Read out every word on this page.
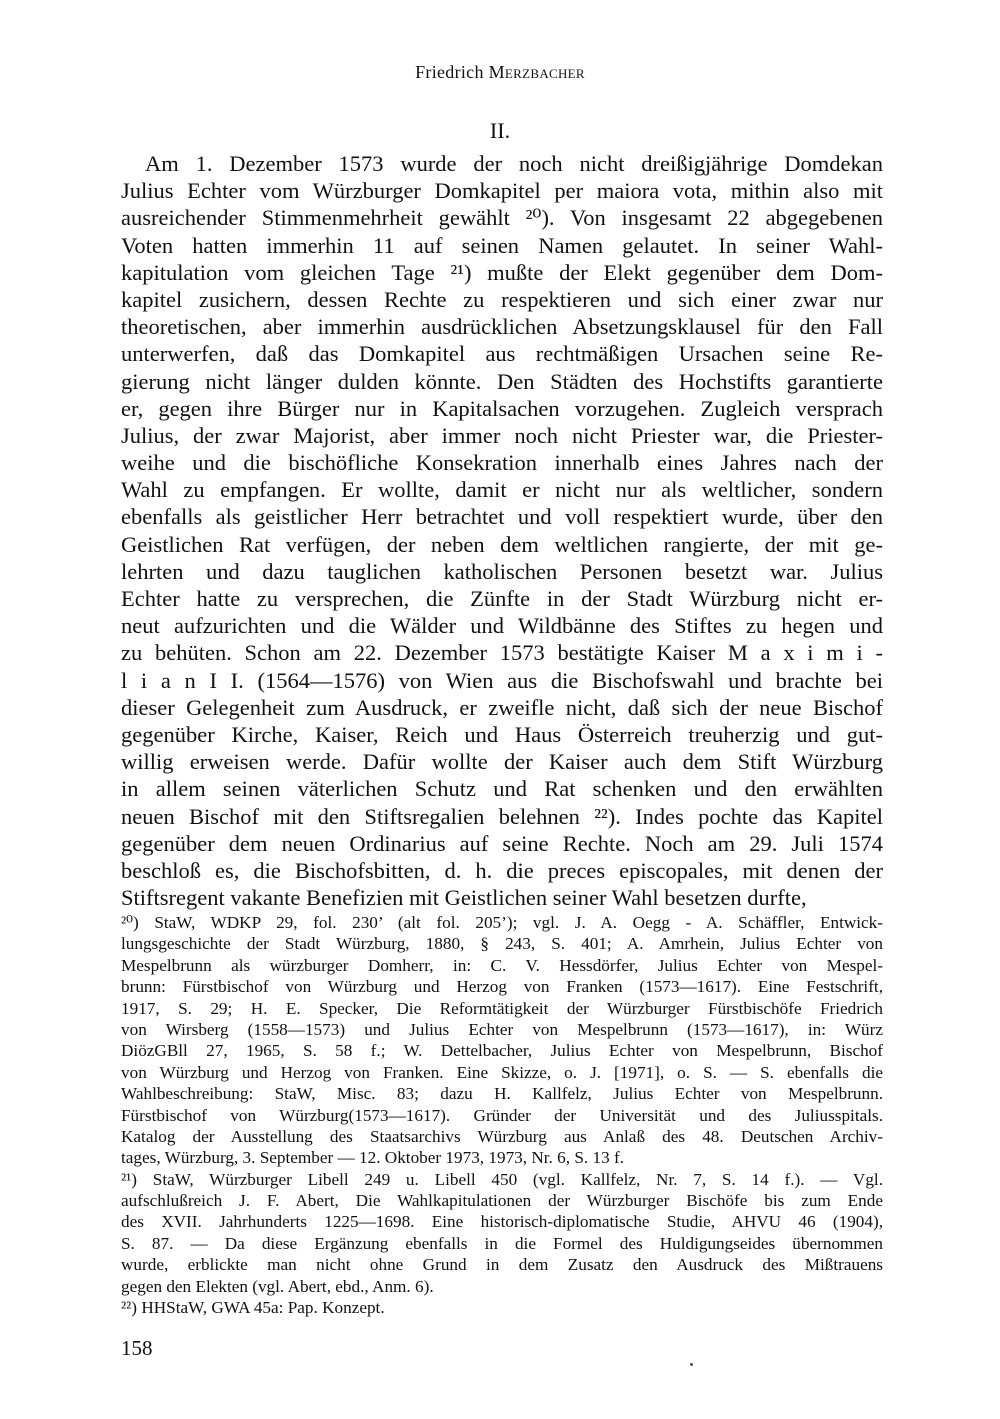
Friedrich Merzbacher
II.
Am 1. Dezember 1573 wurde der noch nicht dreißigjährige Domdekan
Julius Echter vom Würzburger Domkapitel per maiora vota, mithin also mit
ausreichender Stimmenmehrheit gewählt ²⁰). Von insgesamt 22 abgegebenen
Voten hatten immerhin 11 auf seinen Namen gelautet. In seiner Wahl-
kapitulation vom gleichen Tage ²¹) mußte der Elekt gegenüber dem Dom-
kapitel zusichern, dessen Rechte zu respektieren und sich einer zwar nur
theoretischen, aber immerhin ausdrücklichen Absetzungsklausel für den Fall
unterwerfen, daß das Domkapitel aus rechtmäßigen Ursachen seine Re-
gierung nicht länger dulden könnte. Den Städten des Hochstifts garantierte
er, gegen ihre Bürger nur in Kapitalsachen vorzugehen. Zugleich versprach
Julius, der zwar Majorist, aber immer noch nicht Priester war, die Priester-
weihe und die bischöfliche Konsekration innerhalb eines Jahres nach der
Wahl zu empfangen. Er wollte, damit er nicht nur als weltlicher, sondern
ebenfalls als geistlicher Herr betrachtet und voll respektiert wurde, über den
Geistlichen Rat verfügen, der neben dem weltlichen rangierte, der mit ge-
lehrten und dazu tauglichen katholischen Personen besetzt war. Julius
Echter hatte zu versprechen, die Zünfte in der Stadt Würzburg nicht er-
neut aufzurichten und die Wälder und Wildbänne des Stiftes zu hegen und
zu behüten. Schon am 22. Dezember 1573 bestätigte Kaiser M a x i m i -
l i a n I I. (1564—1576) von Wien aus die Bischofswahl und brachte bei
dieser Gelegenheit zum Ausdruck, er zweifle nicht, daß sich der neue Bischof
gegenüber Kirche, Kaiser, Reich und Haus Österreich treuherzig und gut-
willig erweisen werde. Dafür wollte der Kaiser auch dem Stift Würzburg
in allem seinen väterlichen Schutz und Rat schenken und den erwählten
neuen Bischof mit den Stiftsregalien belehnen ²²). Indes pochte das Kapitel
gegenüber dem neuen Ordinarius auf seine Rechte. Noch am 29. Juli 1574
beschloß es, die Bischofsbitten, d. h. die preces episcopales, mit denen der
Stiftsregent vakante Benefizien mit Geistlichen seiner Wahl besetzen durfte,
²⁰) StaW, WDKP 29, fol. 230’ (alt fol. 205’); vgl. J. A. Oegg - A. Schäffler, Entwick-
lungsgeschichte der Stadt Würzburg, 1880, § 243, S. 401; A. Amrhein, Julius Echter von
Mespelbrunn als würzburger Domherr, in: C. V. Hessdörfer, Julius Echter von Mespel-
brunn: Fürstbischof von Würzburg und Herzog von Franken (1573—1617). Eine Festschrift,
1917, S. 29; H. E. Specker, Die Reformtätigkeit der Würzburger Fürstbischöfe Friedrich
von Wirsberg (1558—1573) und Julius Echter von Mespelbrunn (1573—1617), in: Würz
DiözGBll 27, 1965, S. 58 f.; W. Dettelbacher, Julius Echter von Mespelbrunn, Bischof
von Würzburg und Herzog von Franken. Eine Skizze, o. J. [1971], o. S. — S. ebenfalls die
Wahlbeschreibung: StaW, Misc. 83; dazu H. Kallfelz, Julius Echter von Mespelbrunn.
Fürstbischof von Würzburg(1573—1617). Gründer der Universität und des Juliusspitals.
Katalog der Ausstellung des Staatsarchivs Würzburg aus Anlaß des 48. Deutschen Archiv-
tages, Würzburg, 3. September — 12. Oktober 1973, 1973, Nr. 6, S. 13 f.
²¹) StaW, Würzburger Libell 249 u. Libell 450 (vgl. Kallfelz, Nr. 7, S. 14 f.). — Vgl.
aufschlußreich J. F. Abert, Die Wahlkapitulationen der Würzburger Bischöfe bis zum Ende
des XVII. Jahrhunderts 1225—1698. Eine historisch-diplomatische Studie, AHVU 46 (1904),
S. 87. — Da diese Ergänzung ebenfalls in die Formel des Huldigungseides übernommen
wurde, erblickte man nicht ohne Grund in dem Zusatz den Ausdruck des Mißtrauens
gegen den Elekten (vgl. Abert, ebd., Anm. 6).
²²) HHStaW, GWA 45a: Pap. Konzept.
158
